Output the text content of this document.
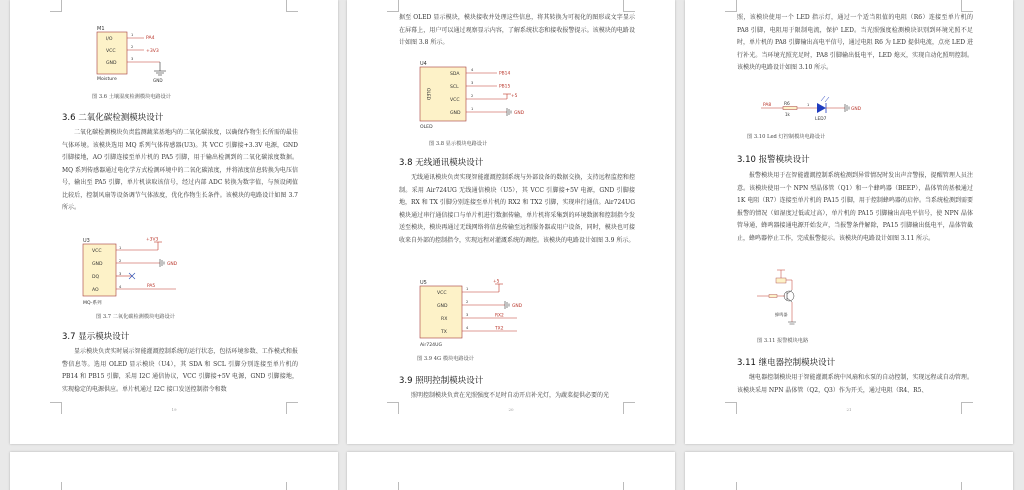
M1
I/O
VCC
GND
1
2
3
PA4
+3V3
GND
Moisture
图 3.6 土壤湿度检测模块电路设计
3.6 二氧化碳检测模块设计
二氧化碳检测模块负责监测蔬菜基地内的二氧化碳浓度，以确保作物生长所需的最佳气体环境。该模块选用 MQ 系列气体传感器(U3)。其 VCC 引脚接+3.3V 电源，GND 引脚接地，AO 引脚连接至单片机的 PA5 引脚，用于输出检测到的二氧化碳浓度数据。MQ 系列传感器通过电化学方式检测环境中的二氧化碳浓度，并将浓度信息转换为电压信号，输出至 PA5 引脚，单片机读取该信号，经过内部 ADC 转换为数字值，与预设阈值比较后，控制风扇等设备调节气体浓度，优化作物生长条件。该模块的电路设计如图 3.7 所示。
U3
VCC
GND
DQ
AO
1
2
3
4
+3V3
GND
PA5
MQ-系列
图 3.7 二氧化碳检测模块电路设计
3.7 显示模块设计
显示模块负责实时展示智能灌溉控制系统的运行状态，包括环境参数、工作模式和报警信息等。选用 OLED 显示模块（U4），其 SDA 和 SCL 引脚分别连接至单片机的 PB14 和 PB15 引脚，采用 I2C 通信协议，VCC 引脚接+5V 电源，GND 引脚接地，实现稳定的电源供应。单片机通过 I2C 接口发送控制指令和数
19
据至 OLED 显示模块，模块接收并处理这些信息，将其转换为可视化的图形或文字显示在屏幕上，用户可以通过观察显示内容，了解系统状态和接收报警提示。该模块的电路设计如图 3.8 所示。
U4
OLED
SDA
SCL
VCC
GND
4
3
2
1
PB14
PB15
+5
GND
OLED
图 3.8 显示模块电路设计
3.8 无线通讯模块设计
无线通讯模块负责实现智能灌溉控制系统与外部设备的数据交换，支持远程监控和控制。采用 Air724UG 无线通信模块（U5），其 VCC 引脚接+5V 电源，GND 引脚接地，RX 和 TX 引脚分别连接至单片机的 RX2 和 TX2 引脚，实现串行通信。Air724UG 模块通过串行通信接口与单片机进行数据传输，单片机将采集到的环境数据和控制指令发送至模块，模块再通过无线网络将信息传输至远程服务器或用户设备，同时，模块也可接收来自外部的控制指令，实现远程对灌溉系统的调控。该模块的电路设计如图 3.9 所示。
U5
VCC
GND
RX
TX
1
2
3
4
+5
GND
RX2
TX2
Air724UG
图 3.9 4G 模块电路设计
3.9 照明控制模块设计
照明控制模块负责在光照强度不足时自动开启补光灯，为蔬菜提供必要的光
20
照，该模块使用一个 LED 指示灯，通过一个适当阻值的电阻（R6）连接至单片机的 PA8 引脚，电阻用于限制电流，保护 LED。当光照强度检测模块识别到环境光照不足时，单片机的 PA8 引脚输出高电平信号，通过电阻 R6 为 LED 提供电流，点亮 LED 进行补光。当环境光照充足时，PA8 引脚输出低电平，LED 熄灭，实现自动化照明控制。该模块的电路设计如图 3.10 所示。
PA8	R6
1k
1
LED7
GND
图 3.10 Led 灯控制模块电路设计
3.10 报警模块设计
报警模块用于在智能灌溉控制系统检测到异常情况时发出声音警报，提醒管理人员注意。该模块使用一个 NPN 型晶体管（Q1）和一个蜂鸣器（BEEP），晶体管的基极通过 1K 电阻（R7）连接至单片机的 PA15 引脚，用于控制蜂鸣器的启停。当系统检测到需要报警的情况（如湿度过低或过高），单片机的 PA15 引脚输出高电平信号，使 NPN 晶体管导通，蜂鸣器接通电源开始发声，当报警条件解除，PA15 引脚输出低电平，晶体管截止，蜂鸣器停止工作，完成报警提示。该模块的电路设计如图 3.11 所示。
蜂鸣器
图 3.11 报警模块电路
3.11 继电器控制模块设计
继电器控制模块用于智能灌溉系统中风扇和水泵的自动控制，实现远程或自动管理。该模块采用 NPN 晶体管（Q2，Q3）作为开关，通过电阻（R4、R5、
21
